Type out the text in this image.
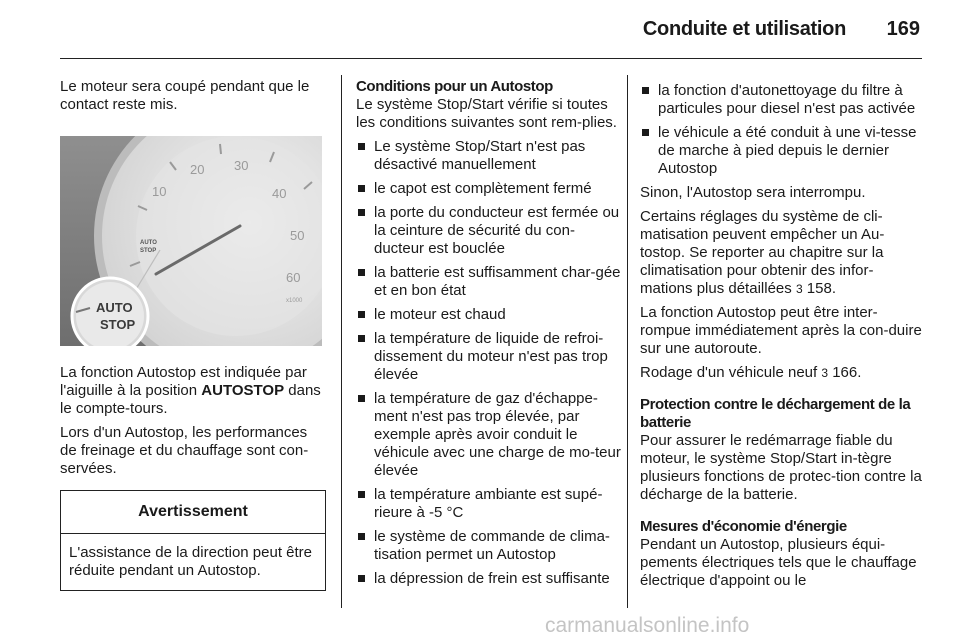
Conduite et utilisation 169

Le moteur sera coupé pendant que le contact reste mis.

10
20 30
40
50
60
x1000
AUTO
STOP
AUTO
STOP

La fonction Autostop est indiquée par l'aiguille à la position AUTOSTOP dans le compte-tours.

Lors d'un Autostop, les performances de freinage et du chauffage sont con-servées.

Avertissement
L'assistance de la direction peut être réduite pendant un Autostop.
Conditions pour un Autostop

Le système Stop/Start vérifie si toutes les conditions suivantes sont rem-plies.

Le système Stop/Start n'est pas désactivé manuellement
le capot est complètement fermé
la porte du conducteur est fermée ou la ceinture de sécurité du con-ducteur est bouclée
la batterie est suffisamment char-gée et en bon état
le moteur est chaud
la température de liquide de refroi-dissement du moteur n'est pas trop élevée
la température de gaz d'échappe-ment n'est pas trop élevée, par exemple après avoir conduit le véhicule avec une charge de mo-teur élevée
la température ambiante est supé-rieure à -5 °C
le système de commande de clima-tisation permet un Autostop
la dépression de frein est suffisante
la fonction d'autonettoyage du filtre à particules pour diesel n'est pas activée
le véhicule a été conduit à une vi-tesse de marche à pied depuis le dernier Autostop

Sinon, l'Autostop sera interrompu.

Certains réglages du système de cli-matisation peuvent empêcher un Au-tostop. Se reporter au chapitre sur la climatisation pour obtenir des infor-mations plus détaillées 3 158.

La fonction Autostop peut être inter-rompue immédiatement après la con-duire sur une autoroute.

Rodage d'un véhicule neuf 3 166.

Protection contre le déchargement de la batterie

Pour assurer le redémarrage fiable du moteur, le système Stop/Start in-tègre plusieurs fonctions de protec-tion contre la décharge de la batterie.

Mesures d'économie d'énergie

Pendant un Autostop, plusieurs équi-pements électriques tels que le chauffage électrique d'appoint ou le

carmanualsonline.info
